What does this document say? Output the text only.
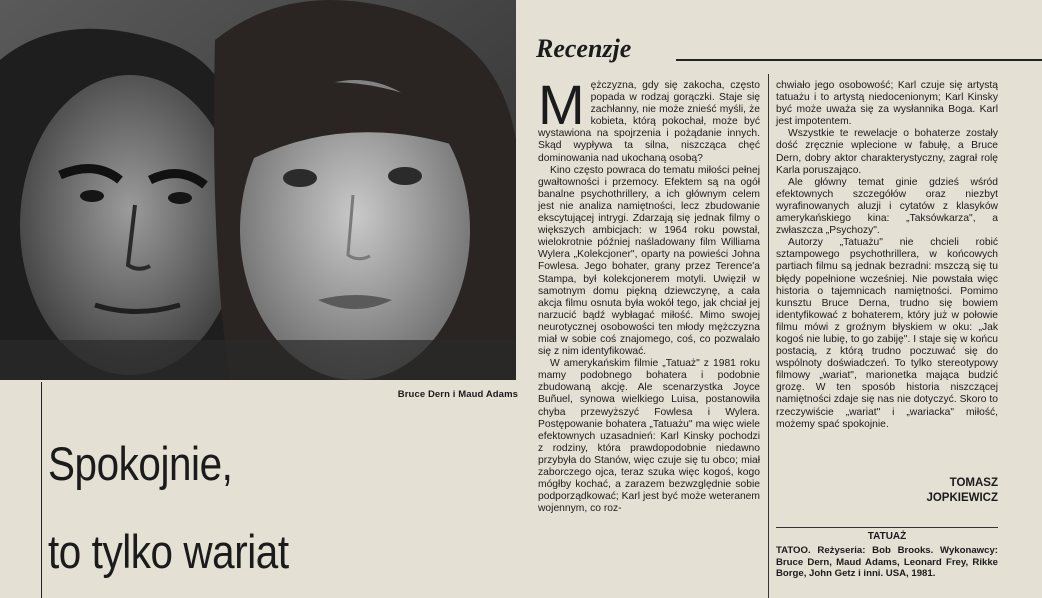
Bruce Dern i Maud Adams
Spokojnie,
to tylko wariat
Recenzje

Mężczyzna, gdy się zakocha, często popada w rodzaj gorączki. Staje się zachłanny, nie może znieść myśli, że kobieta, którą pokochał, może być wystawiona na spojrzenia i pożądanie innych. Skąd wypływa ta silna, niszcząca chęć dominowania nad ukochaną osobą?

Kino często powraca do tematu miłości pełnej gwałtowności i przemocy. Efektem są na ogół banalne psychothrillery, a ich głównym celem jest nie analiza namiętności, lecz zbudowanie ekscytującej intrygi. Zdarzają się jednak filmy o większych ambicjach: w 1964 roku powstał, wielokrotnie później naśladowany film Williama Wylera „Kolekcjoner", oparty na powieści Johna Fowlesa. Jego bohater, grany przez Terence'a Stampa, był kolekcjonerem motyli. Uwięził w samotnym domu piękną dziewczynę, a cała akcja filmu osnuta była wokół tego, jak chciał jej narzucić bądź wybłagać miłość. Mimo swojej neurotycznej osobowości ten młody mężczyzna miał w sobie coś znajomego, coś, co pozwalało się z nim identyfikować.

W amerykańskim filmie „Tatuaż" z 1981 roku mamy podobnego bohatera i podobnie zbudowaną akcję. Ale scenarzystka Joyce Buñuel, synowa wielkiego Luisa, postanowiła chyba przewyższyć Fowlesa i Wylera. Postępowanie bohatera „Tatuażu" ma więc wiele efektownych uzasadnień: Karl Kinsky pochodzi z rodziny, która prawdopodobnie niedawno przybyła do Stanów, więc czuje się tu obco; miał zaborczego ojca, teraz szuka więc kogoś, kogo mógłby kochać, a zarazem bezwzględnie sobie podporządkować; Karl jest być może weteranem wojennym, co roz-

chwiało jego osobowość; Karl czuje się artystą tatuażu i to artystą niedocenionym; Karl Kinsky być może uważa się za wysłannika Boga. Karl jest impotentem.

Wszystkie te rewelacje o bohaterze zostały dość zręcznie wplecione w fabułę, a Bruce Dern, dobry aktor charakterystyczny, zagrał rolę Karla poruszająco.

Ale główny temat ginie gdzieś wśród efektownych szczegółów oraz niezbyt wyrafinowanych aluzji i cytatów z klasyków amerykańskiego kina: „Taksówkarza", a zwłaszcza „Psychozy".

Autorzy „Tatuażu" nie chcieli robić sztampowego psychothrillera, w końcowych partiach filmu są jednak bezradni: mszczą się tu błędy popełnione wcześniej. Nie powstała więc historia o tajemnicach namiętności. Pomimo kunsztu Bruce Derna, trudno się bowiem identyfikować z bohaterem, który już w połowie filmu mówi z groźnym błyskiem w oku: „Jak kogoś nie lubię, to go zabiję". I staje się w końcu postacią, z którą trudno poczuwać się do wspólnoty doświadczeń. To tylko stereotypowy filmowy „wariat", marionetka mająca budzić grozę. W ten sposób historia niszczącej namiętności zdaje się nas nie dotyczyć. Skoro to rzeczywiście „wariat" i „wariacka" miłość, możemy spać spokojnie.

TOMASZ
JOPKIEWICZ
TATUAŻ
TATOO. Reżyseria: Bob Brooks. Wykonawcy: Bruce Dern, Maud Adams, Leonard Frey, Rikke Borge, John Getz i inni. USA, 1981.
